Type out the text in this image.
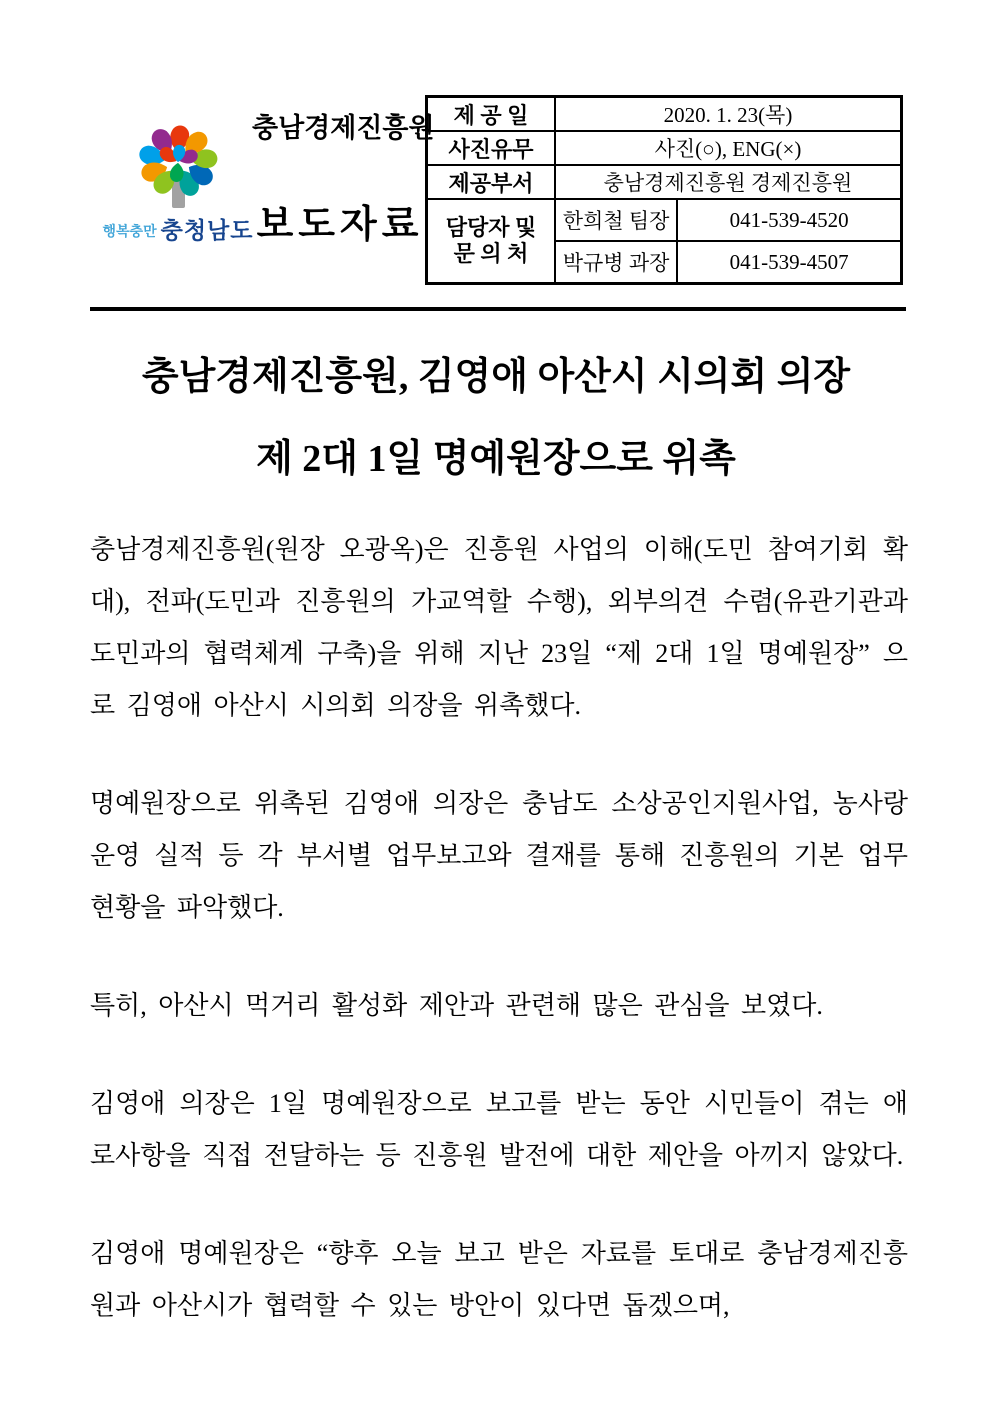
행복충만 충청남도
충남경제진흥원
보도자료
제 공 일	2020. 1. 23(목)	
사진유무	사진(○), ENG(×)	
제공부서	충남경제진흥원 경제진흥원	

담당자 및
문 의 처	한희철 팀장	041-539-4520
	박규병 과장	041-539-4507
충남경제진흥원, 김영애 아산시 시의회 의장
제 2대 1일 명예원장으로 위촉

충남경제진흥원(원장 오광옥)은 진흥원 사업의 이해(도민 참여기회 확대), 전파(도민과 진흥원의 가교역할 수행), 외부의견 수렴(유관기관과 도민과의 협력체계 구축)을 위해 지난 23일 “제 2대 1일 명예원장” 으로 김영애 아산시 시의회 의장을 위촉했다.

명예원장으로 위촉된 김영애 의장은 충남도 소상공인지원사업, 농사랑 운영 실적 등 각 부서별 업무보고와 결재를 통해 진흥원의 기본 업무현황을 파악했다.

특히, 아산시 먹거리 활성화 제안과 관련해 많은 관심을 보였다.

김영애 의장은 1일 명예원장으로 보고를 받는 동안 시민들이 겪는 애로사항을 직접 전달하는 등 진흥원 발전에 대한 제안을 아끼지 않았다.

김영애 명예원장은 “향후 오늘 보고 받은 자료를 토대로 충남경제진흥원과 아산시가 협력할 수 있는 방안이 있다면 돕겠으며,
